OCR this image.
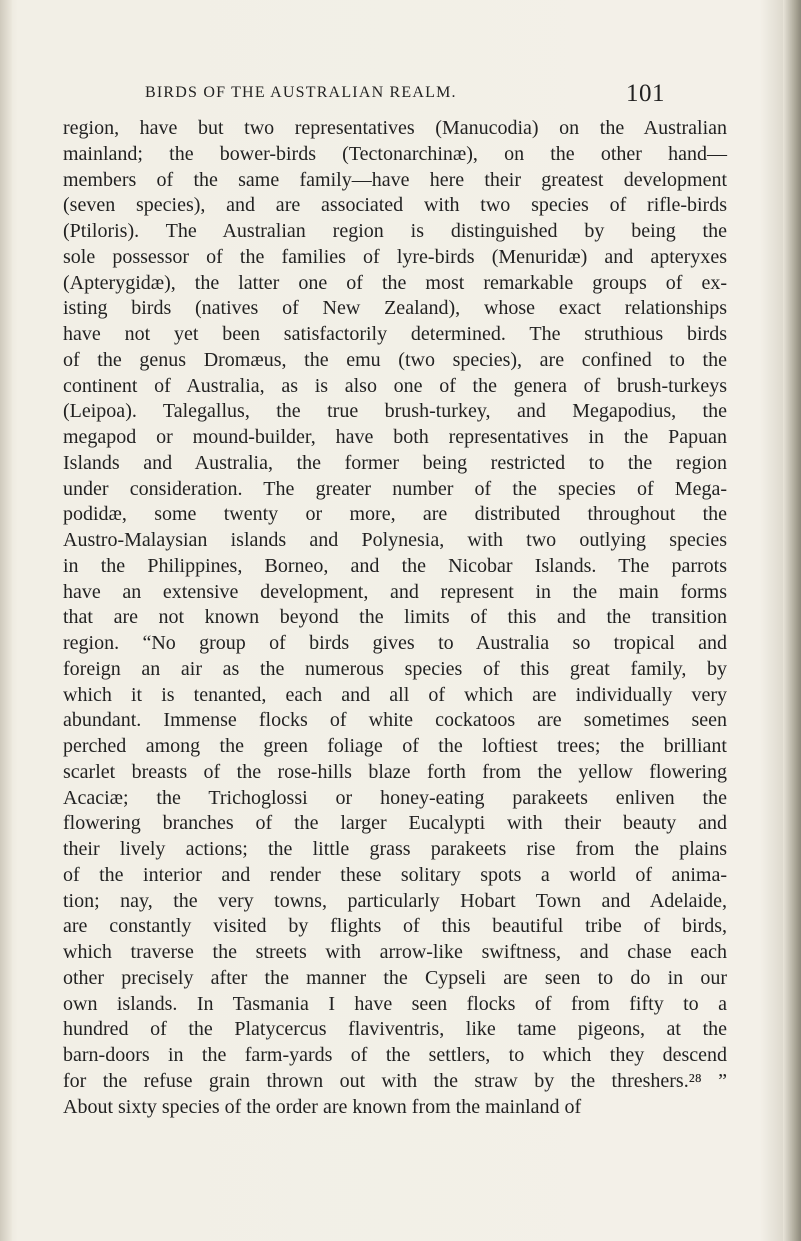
BIRDS OF THE AUSTRALIAN REALM.	101
region, have but two representatives (Manucodia) on the Australian
mainland; the bower-birds (Tectonarchinæ), on the other hand—
members of the same family—have here their greatest development
(seven species), and are associated with two species of rifle-birds
(Ptiloris). The Australian region is distinguished by being the
sole possessor of the families of lyre-birds (Menuridæ) and apteryxes
(Apterygidæ), the latter one of the most remarkable groups of ex-
isting birds (natives of New Zealand), whose exact relationships
have not yet been satisfactorily determined. The struthious birds
of the genus Dromæus, the emu (two species), are confined to the
continent of Australia, as is also one of the genera of brush-turkeys
(Leipoa). Talegallus, the true brush-turkey, and Megapodius, the
megapod or mound-builder, have both representatives in the Papuan
Islands and Australia, the former being restricted to the region
under consideration. The greater number of the species of Mega-
podidæ, some twenty or more, are distributed throughout the
Austro-Malaysian islands and Polynesia, with two outlying species
in the Philippines, Borneo, and the Nicobar Islands. The parrots
have an extensive development, and represent in the main forms
that are not known beyond the limits of this and the transition
region. “No group of birds gives to Australia so tropical and
foreign an air as the numerous species of this great family, by
which it is tenanted, each and all of which are individually very
abundant. Immense flocks of white cockatoos are sometimes seen
perched among the green foliage of the loftiest trees; the brilliant
scarlet breasts of the rose-hills blaze forth from the yellow flowering
Acaciæ; the Trichoglossi or honey-eating parakeets enliven the
flowering branches of the larger Eucalypti with their beauty and
their lively actions; the little grass parakeets rise from the plains
of the interior and render these solitary spots a world of anima-
tion; nay, the very towns, particularly Hobart Town and Adelaide,
are constantly visited by flights of this beautiful tribe of birds,
which traverse the streets with arrow-like swiftness, and chase each
other precisely after the manner the Cypseli are seen to do in our
own islands. In Tasmania I have seen flocks of from fifty to a
hundred of the Platycercus flaviventris, like tame pigeons, at the
barn-doors in the farm-yards of the settlers, to which they descend
for the refuse grain thrown out with the straw by the threshers.²⁸ ”
About sixty species of the order are known from the mainland of
